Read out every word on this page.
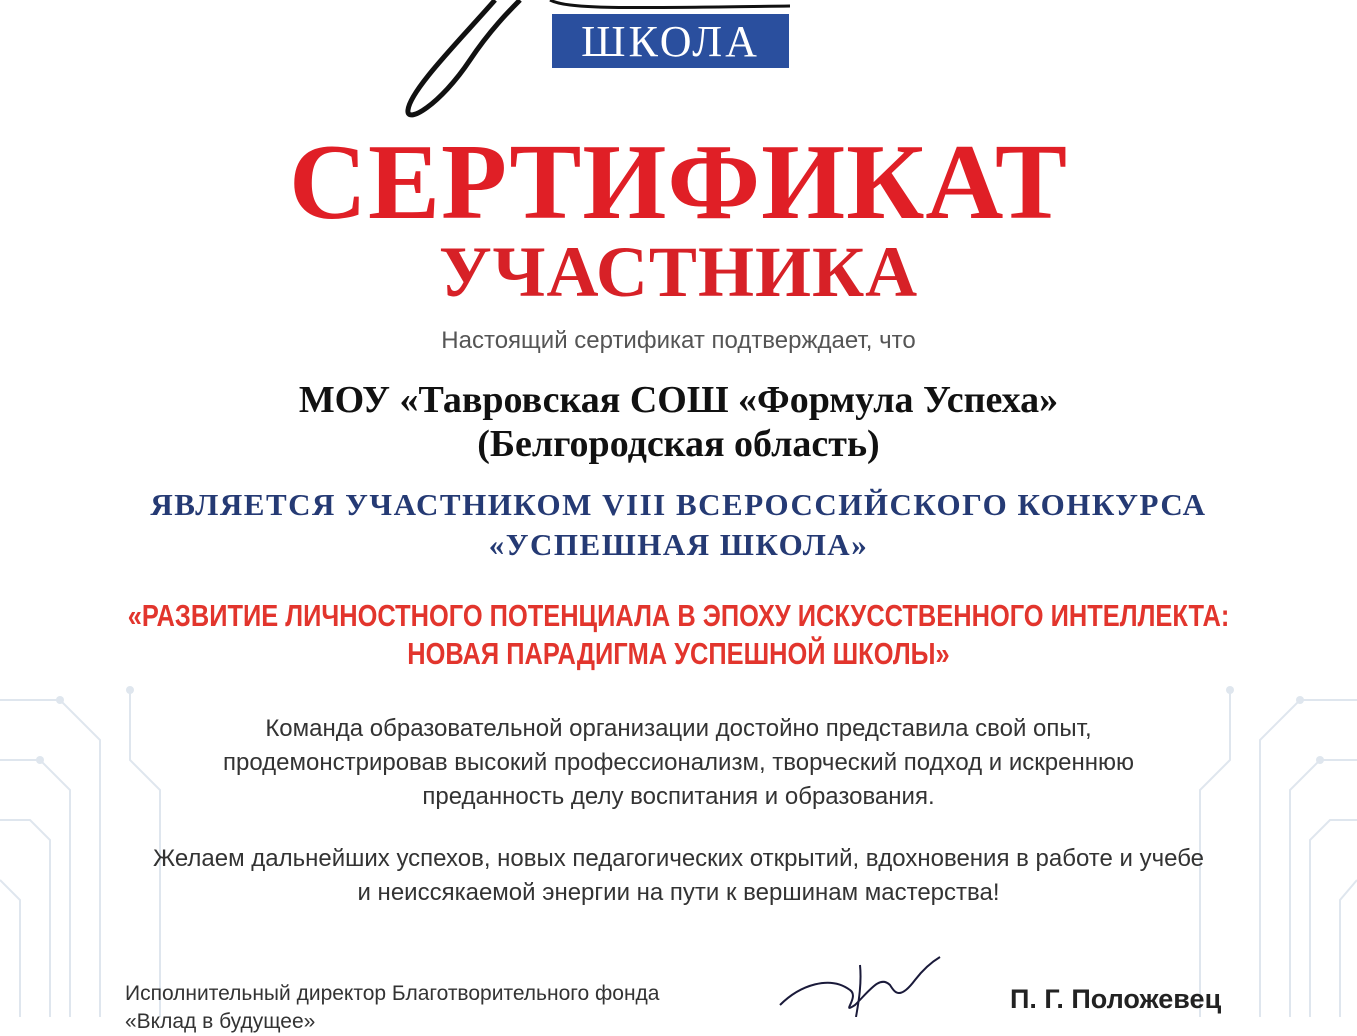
ШКОЛА
СЕРТИФИКАТ
УЧАСТНИКА
Настоящий сертификат подтверждает, что
МОУ «Тавровская СОШ «Формула Успеха»
(Белгородская область)
ЯВЛЯЕТСЯ УЧАСТНИКОМ VIII ВСЕРОССИЙСКОГО КОНКУРСА
«УСПЕШНАЯ ШКОЛА»
«РАЗВИТИЕ ЛИЧНОСТНОГО ПОТЕНЦИАЛА В ЭПОХУ ИСКУССТВЕННОГО ИНТЕЛЛЕКТА:
НОВАЯ ПАРАДИГМА УСПЕШНОЙ ШКОЛЫ»
Команда образовательной организации достойно представила свой опыт,
продемонстрировав высокий профессионализм, творческий подход и искреннюю
преданность делу воспитания и образования.
Желаем дальнейших успехов, новых педагогических открытий, вдохновения в работе и учебе
и неиссякаемой энергии на пути к вершинам мастерства!
Исполнительный директор Благотворительного фонда
«Вклад в будущее»
П. Г. Положевец
